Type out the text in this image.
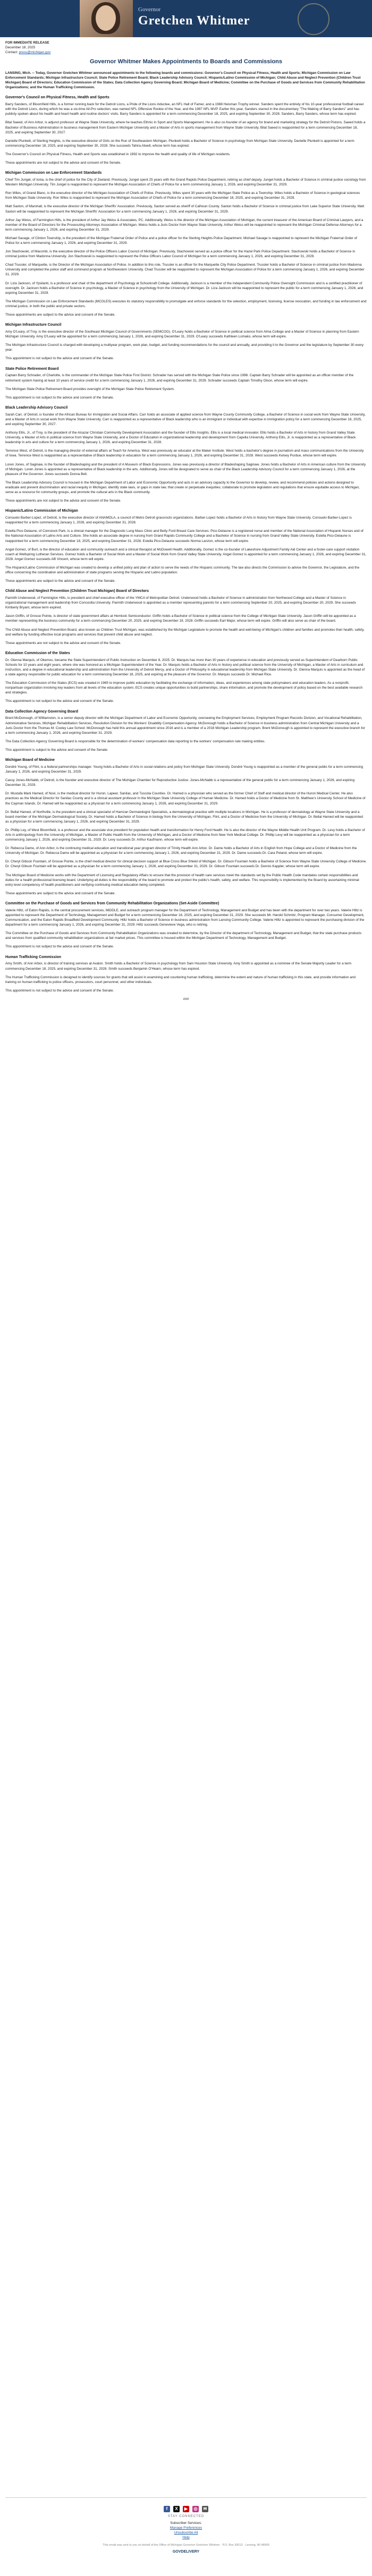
Governor
Gretchen Whitmer
FOR IMMEDIATE RELEASE
December 18, 2025
Contact: press@michigan.gov
Governor Whitmer Makes Appointments to Boards and Commissions

LANSING, Mich. -- Today, Governor Gretchen Whitmer announced appointments to the following boards and commissions: Governor's Council on Physical Fitness, Health and Sports; Michigan Commission on Law Enforcement Standards; Michigan Infrastructure Council; State Police Retirement Board; Black Leadership Advisory Council; Hispanic/Latino Commission of Michigan; Child Abuse and Neglect Prevention (Children Trust Michigan) Board of Directors; Education Commission of the States; Data Collection Agency Governing Board; Michigan Board of Medicine; Committee on the Purchase of Goods and Services from Community Rehabilitation Organizations; and the Human Trafficking Commission.

Governor's Council on Physical Fitness, Health and Sports

Barry Sanders, of Bloomfield Hills, is a former running back for the Detroit Lions, a Pride of the Lions inductee, an NFL Hall of Famer, and a 1988 Heisman Trophy winner. Sanders spent the entirety of his 10-year professional football career with the Detroit Lions, during which he was a six-time All-Pro selection, was named NFL Offensive Rookie of the Year, and the 1997 NFL MVP. Earlier this year, Sanders starred in the documentary "The Making of Barry Sanders" and has publicly spoken about his health and heart health and routine doctors' visits. Barry Sanders is appointed for a term commencing December 18, 2025, and expiring September 30, 2028. Sanders, Barry Sanders, whose term has expired.

Bilal Saeed, of Ann Arbor, is adjunct professor at Wayne State University, where he teaches Ethnic in Sport and Sports Management. He is also co-founder of an agency for brand and marketing strategy for the Detroit Pistons. Saeed holds a Bachelor of Business Administration in business management from Eastern Michigan University and a Master of Arts in sports management from Wayne State University. Bilal Saeed is reappointed for a term commencing December 18, 2025, and expiring September 30, 2027.

Danielle Plunkett, of Sterling Heights, is the executive director of Girls on the Run of Southeastern Michigan. Plunkett holds a Bachelor of Science in psychology from Michigan State University. Danielle Plunkett is appointed for a term commencing December 18, 2025, and expiring September 30, 2028. She succeeds Tahira Atwell, whose term has expired.

The Governor's Council on Physical Fitness, Health and Sports was established in 1992 to improve the health and quality of life of Michigan residents.

These appointments are not subject to the advice and consent of the Senate.

Michigan Commission on Law Enforcement Standards

Chief Tim Jungel, of Ionia, is the chief of police for the City of Zeeland. Previously, Jungel spent 25 years with the Grand Rapids Police Department, retiring as chief deputy. Jungel holds a Bachelor of Science in criminal justice sociology from Western Michigan University. Tim Jungel is reappointed to represent the Michigan Association of Chiefs of Police for a term commencing January 1, 2026, and expiring December 31, 2029.

Ron Wiles, of Grand Blanc, is the executive director of the Michigan Association of Chiefs of Police. Previously, Wiles spent 30 years with the Michigan State Police as a Township. Wiles holds a Bachelor of Science in geological sciences from Michigan State University. Ron Wiles is reappointed to represent the Michigan Association of Chiefs of Police for a term commencing December 18, 2025, and expiring December 31, 2029.

Matt Saxton, of Marshall, is the executive director of the Michigan Sheriffs' Association. Previously, Saxton served as sheriff of Calhoun County. Saxton holds a Bachelor of Science in criminal justice from Lake Superior State University. Matt Saxton will be reappointed to represent the Michigan Sheriffs' Association for a term commencing January 1, 2026, and expiring December 31, 2029.

Arthur Jay Weiss, of Farmington Hills, is the president of Arthur Jay Weiss & Associates, PC. Additionally, Weiss is the director of the Michigan Association of Michigan, the current treasurer of the American Board of Criminal Lawyers, and a member of the Board of Directors for the Prosecuting Attorneys Association of Michigan. Weiss holds a Juris Doctor from Wayne State University. Arthur Weiss will be reappointed to represent the Michigan Criminal Defense Attorneys for a term commencing January 1, 2026, and expiring December 31, 2029.

Michael Savage, of Clinton Township, is the president of the Michigan Fraternal Order of Police and a police officer for the Sterling Heights Police Department. Michael Savage is reappointed to represent the Michigan Fraternal Order of Police for a term commencing January 1, 2026, and expiring December 31, 2029.

Jon Stachowski, of Macomb, is the executive director of the Police Officers Labor Council of Michigan. Previously, Stachowski served as a police officer for the Hazel Park Police Department. Stachowski holds a Bachelor of Science in criminal justice from Madonna University. Jon Stachowski is reappointed to represent the Police Officers Labor Council of Michigan for a term commencing January 1, 2026, and expiring December 31, 2029.

Chad Trussler, of Marquette, is the Director of the Michigan Association of Police. In addition to this role, Trussler is an officer for the Marquette City Police Department. Trussler holds a Bachelor of Science in criminal justice from Madonna University and completed the police staff and command program at Northwestern University. Chad Trussler will be reappointed to represent the Michigan Association of Police for a term commencing January 1, 2026, and expiring December 31, 2029.

Dr. Liza Jackson, of Ypsilanti, is a professor and chair of the department of Psychology at Schoolcraft College. Additionally, Jackson is a member of the Independent Community Police Oversight Commission and is a certified practitioner of oversight. Dr. Jackson holds a Bachelor of Science in psychology, a Master of Science in psychology from the University of Michigan. Dr. Liza Jackson will be reappointed to represent the public for a term commencing January 1, 2026, and expiring December 31, 2029.

The Michigan Commission on Law Enforcement Standards (MCOLES) executes its statutory responsibility to promulgate and enforce standards for the selection, employment, licensing, license revocation, and funding in law enforcement and criminal justice, in both the public and private sectors.

These appointments are subject to the advice and consent of the Senate.

Michigan Infrastructure Council

Amy O'Leary, of Troy, is the executive director of the Southeast Michigan Council of Governments (SEMCOG). O'Leary holds a Bachelor of Science in political science from Alma College and a Master of Science in planning from Eastern Michigan University. Amy O'Leary will be appointed for a term commencing January 1, 2026, and expiring December 31, 2029. O'Leary succeeds Kathleen Lomako, whose term will expire.

The Michigan Infrastructure Council is charged with developing a multiyear program, work plan, budget, and funding recommendations for the council and annually, and providing it to the Governor and the legislature by September 30 every year.

This appointment is not subject to the advice and consent of the Senate.

State Police Retirement Board

Captain Barry Schrader, of Charlotte, is the commander of the Michigan State Police First District. Schrader has served with the Michigan State Police since 1998. Captain Barry Schrader will be appointed as an officer member of the retirement system having at least 10 years of service credit for a term commencing January 1, 2026, and expiring December 31, 2029. Schrader succeeds Captain Timothy Olson, whose term will expire.

The Michigan State Police Retirement Board provides oversight of the Michigan State Police Retirement System.

This appointment is not subject to the advice and consent of the Senate.

Black Leadership Advisory Council

Sarah Carr, of Detroit, is founder of the African Bureau for Immigration and Social Affairs. Carr holds an associate of applied science from Wayne County Community College, a Bachelor of Science in social work from Wayne State University, and a Master of Arts in social work from Wayne State University. Carr is reappointed as a representative of Black leadership who is an immigrant or individual with expertise in immigration policy for a term commencing December 18, 2025, and expiring September 30, 2027.

Anthony Ellis, Jr., of Troy, is the president of the Alcazar Christian Community Development Association and the founder of Ellis Insights. Ellis is a local medical innovator. Ellis holds a Bachelor of Arts in history from Grand Valley State University, a Master of Arts in political science from Wayne State University, and a Doctor of Education in organizational leadership and development from Capella University. Anthony Ellis, Jr. is reappointed as a representative of Black leadership in arts and culture for a term commencing January 1, 2026, and expiring December 31, 2028.

Terrence West, of Detroit, is the managing director of external affairs at Teach for America. West was previously an educator at the Maker Institute. West holds a bachelor's degree in journalism and mass communications from the University of Iowa. Terrence West is reappointed as a representative of Black leadership in education for a term commencing January 1, 2026, and expiring December 31, 2028. West succeeds Kelsey Purdue, whose term will expire.

Loren Jones, of Saginaw, is the founder of Bladeshaping and the president of A Museum of Black Expressions. Jones was previously a director of Bladeshaping Saginaw. Jones holds a Bachelor of Arts in American culture from the University of Michigan. Loren Jones is appointed as a representative of Black leadership in the arts. Additionally, Jones will be designated to serve as chair of the Black Leadership Advisory Council for a term commencing January 1, 2026, at the pleasure of the Governor. Jones succeeds Donna Bell.

The Black Leadership Advisory Council is housed in the Michigan Department of Labor and Economic Opportunity and acts in an advisory capacity to the Governor to develop, review, and recommend policies and actions designed to eradicate and prevent discrimination and racial inequity in Michigan; identify state laws, or gaps in state law, that create or perpetuate inequities; collaborate to promote legislation and regulations that ensure equitable access to Michigan, serve as a resource for community groups, and promote the cultural arts in the Black community.

These appointments are not subject to the advice and consent of the Senate.

Hispanic/Latino Commission of Michigan

Consuelo Barber-Lopez, of Detroit, is the executive director of ANAMOLA, a council of Metro Detroit grassroots organizations. Barber-Lopez holds a Bachelor of Arts in history from Wayne State University. Consuelo Barber-Lopez is reappointed for a term commencing January 1, 2026, and expiring December 31, 2028.

Estella Pico-Delaune, of Comstock Park, is a clinical manager for the Diagnostic Lung Mass Clinic and Betty Ford Breast Care Services. Pico-Delaune is a registered nurse and member of the National Association of Hispanic Nurses and of the National Association of Latino Arts and Culture. She holds an associate degree in nursing from Grand Rapids Community College and a Bachelor of Science in nursing from Grand Valley State University. Estella Pico-Delaune is reappointed for a term commencing December 18, 2025, and expiring December 31, 2028. Estella Pico-Delaune succeeds Norma Lanzon, whose term will expire.

Angel Gomez, of Burt, is the director of education and community outreach and a clinical therapist at McDowell Health. Additionally, Gomez is the co-founder of Lakeshore Adjustment Family Aid Center and a foster-care support visitation coach at Wellspring Lutheran Services. Gomez holds a Bachelor of Social Work and a Master of Social Work from Grand Valley State University. Angel Gomez is appointed for a term commencing January 1, 2026, and expiring December 31, 2028. Angel Gomez succeeds Alfi Vincent, whose term will expire.

The Hispanic/Latino Commission of Michigan was created to develop a unified policy and plan of action to serve the needs of the Hispanic community. The law also directs the Commission to advise the Governor, the Legislature, and the office concerning the coordination and administration of state programs serving the Hispanic and Latino population.

These appointments are subject to the advice and consent of the Senate.

Child Abuse and Neglect Prevention (Children Trust Michigan) Board of Directors

Parmith Underwood, of Farmington Hills, is president and chief executive officer of the YMCA of Metropolitan Detroit. Underwood holds a Bachelor of Science in administration from Northwood College and a Master of Science in organizational management and leadership from Concordia University. Parmith Underwood is appointed as a member representing parents for a term commencing September 20, 2025, and expiring December 20, 2029. She succeeds Kimberly Bryant, whose term expired.

Jason Griffin, of Grosse Pointe, is director of state government affairs at Hemlock Semiconductor. Griffin holds a Bachelor of Science in political science from the College of Michigan State University. Jason Griffin will be appointed as a member representing the business community for a term commencing December 20, 2025, and expiring December 19, 2028. Griffin succeeds Earl Major, whose term will expire. Griffin will also serve as chair of the board.

The Child Abuse and Neglect Prevention Board, also known as Children Trust Michigan, was established by the Michigan Legislature to promote the health and well-being of Michigan's children and families and promotes their health, safety, and welfare by funding effective local programs and services that prevent child abuse and neglect.

These appointments are not subject to the advice and consent of the Senate.

Education Commission of the States

Dr. Glenna Marquis, of Okemos, became the State Superintendent of Public Instruction on December 8, 2025. Dr. Marquis has more than 30 years of experience in education and previously served as Superintendent of Dearborn Public Schools for 10 years and eight years, where she was honored as a Michigan Superintendent of the Year. Dr. Marquis holds a Bachelor of Arts in history and political science from the University of Michigan, a Master of Arts in curriculum and instruction, and a degree in educational leadership and administration from the University of Detroit Mercy, and a Doctor of Philosophy in educational leadership from Michigan State University. Dr. Glenna Marquis is appointed as the head of a state agency responsible for public education for a term commencing December 18, 2025, and expiring at the pleasure of the Governor. Dr. Marquis succeeds Dr. Michael Rice.

The Education Commission of the States (ECS) was created in 1965 to improve public education by facilitating the exchange of information, ideas, and experiences among state policymakers and education leaders. As a nonprofit, nonpartisan organization involving key leaders from all levels of the education system, ECS creates unique opportunities to build partnerships, share information, and promote the development of policy based on the best available research and strategies.

This appointment is not subject to the advice and consent of the Senate.

Data Collection Agency Governing Board

Brent McDonough, of Williamston, is a senior deputy director with the Michigan Department of Labor and Economic Opportunity, overseeing the Employment Services, Employment Program Records Division, and Vocational Rehabilitation, Administrative Services, Michigan Rehabilitation Services, Resolution Division for the Workers' Disability Compensation Agency. McDonough holds a Bachelor of Science in business administration from Central Michigan University and a Juris Doctor from the Thomas M. Cooley Law School. McDonough has held this annual appointment since 2016 and is a member of a 2016 Michigan Leadership program. Brent McDonough is appointed to represent the executive branch for a term commencing January 1, 2026, and expiring December 31, 2029.

The Data Collection Agency Governing Board is responsible for the determination of workers' compensation data reporting to the workers' compensation rate making entities.

This appointment is subject to the advice and consent of the Senate.

Michigan Board of Medicine

Dondré Young, of Flint, is a federal partnerships manager. Young holds a Bachelor of Arts in social relations and policy from Michigan State University. Dondré Young is reappointed as a member of the general public for a term commencing January 1, 2026, and expiring December 31, 2029.

Cassy Jones-McNabb, of Detroit, is the founder and executive director of The Michigan Chamber for Reproductive Justice. Jones-McNabb is a representative of the general public for a term commencing January 1, 2026, and expiring December 31, 2029.

Dr. Mustafa Mark Hamed, of Novi, is the medical director for Huron, Lapeer, Sanilac, and Tuscola Counties. Dr. Hamed is a physician who served as the former Chief of Staff and medical director of the Huron Medical Center. He also practices as the Medical Director for Sanilac County and is a clinical assistant professor in the Michigan State University College of Human Medicine. Dr. Hamed holds a Doctor of Medicine from St. Matthew's University School of Medicine of the Cayman Islands. Dr. Hamed will be reappointed as a physician for a term commencing January 1, 2026, and expiring December 31, 2029.

Dr. Bellal Hamed, of Northville, is the president and a clinical specialist of Hamzan Dermatologist Specialists, a dermatological practice with multiple locations in Michigan. He is a professor of dermatology at Wayne State University and a board member of the Michigan Dermatological Society. Dr. Hamed holds a Bachelor of Science in biology from the University of Michigan, Flint, and a Doctor of Medicine from the University of Michigan. Dr. Bellal Hamed will be reappointed as a physician for a term commencing January 1, 2026, and expiring December 31, 2029.

Dr. Phillip Ley, of West Bloomfield, is a professor and the associate vice president for population health and transformation for Henry Ford Health. He is also the director of the Wayne Middle Health Unit Program. Dr. Levy holds a Bachelor of Arts in anthropology from the University of Michigan, a Master of Public Health from the University of Michigan, and a Doctor of Medicine from New York Medical College. Dr. Phillip Levy will be reappointed as a physician for a term commencing January 1, 2026, and expiring December 31, 2029. Dr. Levy succeeds Dr. Arthur Kaufmann, whose term will expire.

Dr. Rebecca Dame, of Ann Arbor, is the continuing medical education and transitional year program director of Trinity Health Ann Arbor. Dr. Dame holds a Bachelor of Arts in English from Hope College and a Doctor of Medicine from the University of Michigan. Dr. Rebecca Dame will be appointed as a physician for a term commencing January 1, 2026, and expiring December 31, 2029. Dr. Dame succeeds Dr. Cara Poland, whose term will expire.

Dr. Cheryl Gibson Fountain, of Grosse Pointe, is the chief medical director for clinical decision support at Blue Cross Blue Shield of Michigan. Dr. Gibson Fountain holds a Bachelor of Science from Wayne State University College of Medicine. Dr. Cheryl Gibson Fountain will be appointed as a physician for a term commencing January 1, 2026, and expiring December 31, 2029. Dr. Gibson Fountain succeeds Dr. Dennis Kappler, whose term will expire.

The Michigan Board of Medicine works with the Department of Licensing and Regulatory Affairs to ensure that the provision of health care services meet the standards set by the Public Health Code mandates certain responsibilities and duties for a health professional licensing board. Underlying all duties is the responsibility of the board to promote and protect the public's health, safety, and welfare. This responsibility is implemented by the Board by ascertaining minimal entry level competency of health practitioners and verifying continuing medical education being completed.

These appointments are subject to the advice and consent of the Senate.

Committee on the Purchase of Goods and Services from Community Rehabilitation Organizations (Set-Aside Committee)

Valerie Hiltz, of Eaton Rapids, is the central procurement services, MiDDLE, and outreach program manager for the Department of Technology, Management and Budget and has been with the department for over two years. Valerie Hiltz is appointed to represent the Department of Technology, Management and Budget for a term commencing December 18, 2025, and expiring December 31, 2029. She succeeds Mr. Harold Schmitz, Program Manager, Consumer Development, Communication, and the Eaton Rapids Broadfield Development Community. Hiltz holds a Bachelor of Science in business administration from Lansing Community College. Valerie Hiltz is appointed to represent the purchasing division of the department for a term commencing January 1, 2026, and expiring December 31, 2029. Hiltz succeeds Genevieve Vega, who is retiring.

The Committee on the Purchase of Goods and Services from Community Rehabilitation Organizations was created to determine, by the Director of the department of Technology, Management and Budget, that the state purchase products and services from qualified community rehabilitation organizations at fair market prices. This committee is housed within the Michigan Department of Technology, Management and Budget.

This appointment is not subject to the advice and consent of the Senate.

Human Trafficking Commission

Amy Smith, of Ann Arbor, is director of training services at Avalon. Smith holds a Bachelor of Science in psychology from Sam Houston State University. Amy Smith is appointed as a nominee of the Senate Majority Leader for a term commencing December 18, 2025, and expiring December 31, 2028. Smith succeeds Benjamin O'Hearn, whose term has expired.

The Human Trafficking Commission is designed to identify sources for grants that will assist in examining and countering human trafficking, determine the extent and nature of human trafficking in this state, and provide information and training on human trafficking to police officers, prosecutors, court personnel, and other individuals.

This appointment is not subject to the advice and consent of the Senate.

###

f X ▶ ◎ ✉
STAY CONNECTED
Subscriber Services:
Manage Preferences
Unsubscribe All
Help
This email was sent to you on behalf of the Office of Michigan Governor Gretchen Whitmer · P.O. Box 30013 · Lansing, MI 48909
GOVDELIVERY
